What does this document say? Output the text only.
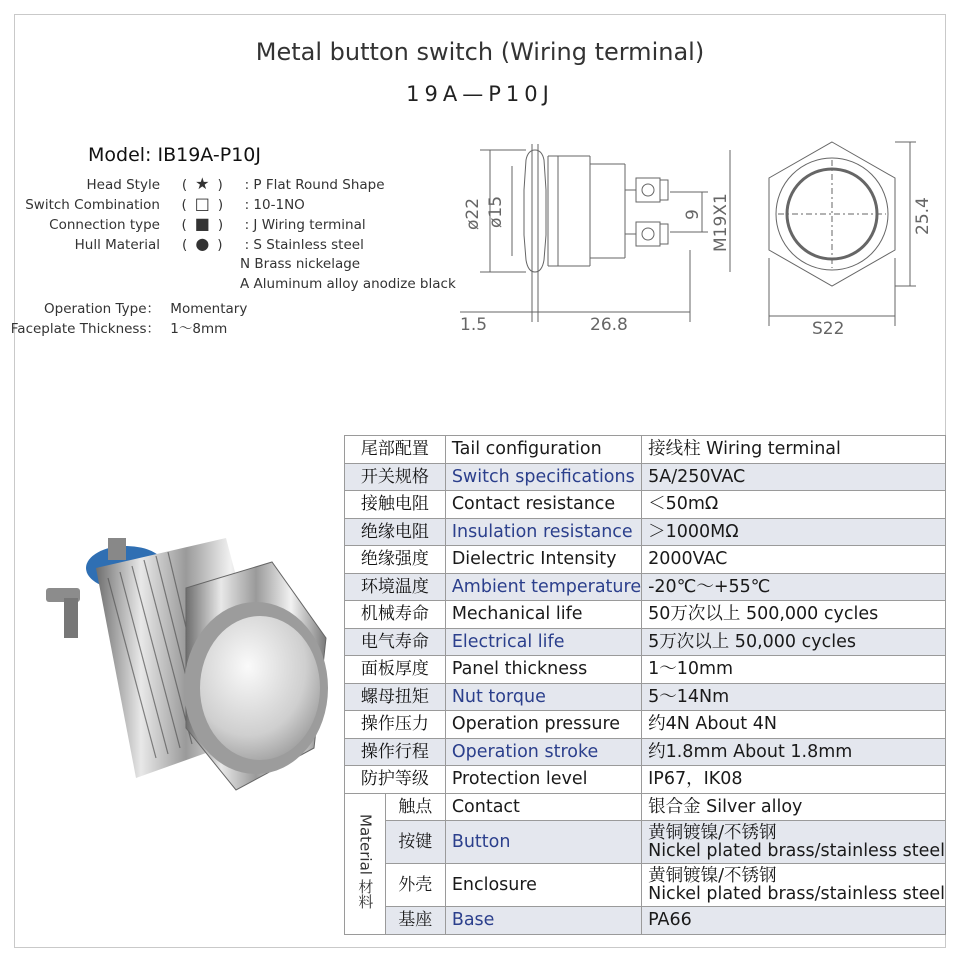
Metal button switch (Wiring terminal)
19A—P10J
Model: IB19A-P10J
Head Style ( ★ ) : P Flat Round Shape
Switch Combination ( □ ) : 10-1NO
Connection type ( ■ ) : J Wiring terminal
Hull Material ( ● ) : S Stainless steel
N Brass nickelage
A Aluminum alloy anodize black
Operation Type： Momentary
Faceplate Thickness： 1～8mm
ø22 ø15	9 M19X1
1.5	26.8	S22
25.4
尾部配置		Tail configuration	接线柱 Wiring terminal
开关规格		Switch specifications	5A/250VAC
接触电阻		Contact resistance	＜50mΩ
绝缘电阻		Insulation resistance	＞1000MΩ
绝缘强度		Dielectric Intensity	2000VAC
环境温度		Ambient temperature	-20℃～+55℃
机械寿命		Mechanical life	50万次以上 500,000 cycles
电气寿命		Electrical life	5万次以上 50,000 cycles
面板厚度		Panel thickness	1～10mm
螺母扭矩		Nut torque	5～14Nm
操作压力		Operation pressure	约4N About 4N
操作行程		Operation stroke	约1.8mm About 1.8mm
防护等级		Protection level	IP67，IK08
Material
材料	触点	Contact	银合金 Silver alloy
	按键	Button	黄铜镀镍/不锈钢
Nickel plated brass/stainless steel
	外壳	Enclosure	黄铜镀镍/不锈钢
Nickel plated brass/stainless steel
	基座	Base	PA66
